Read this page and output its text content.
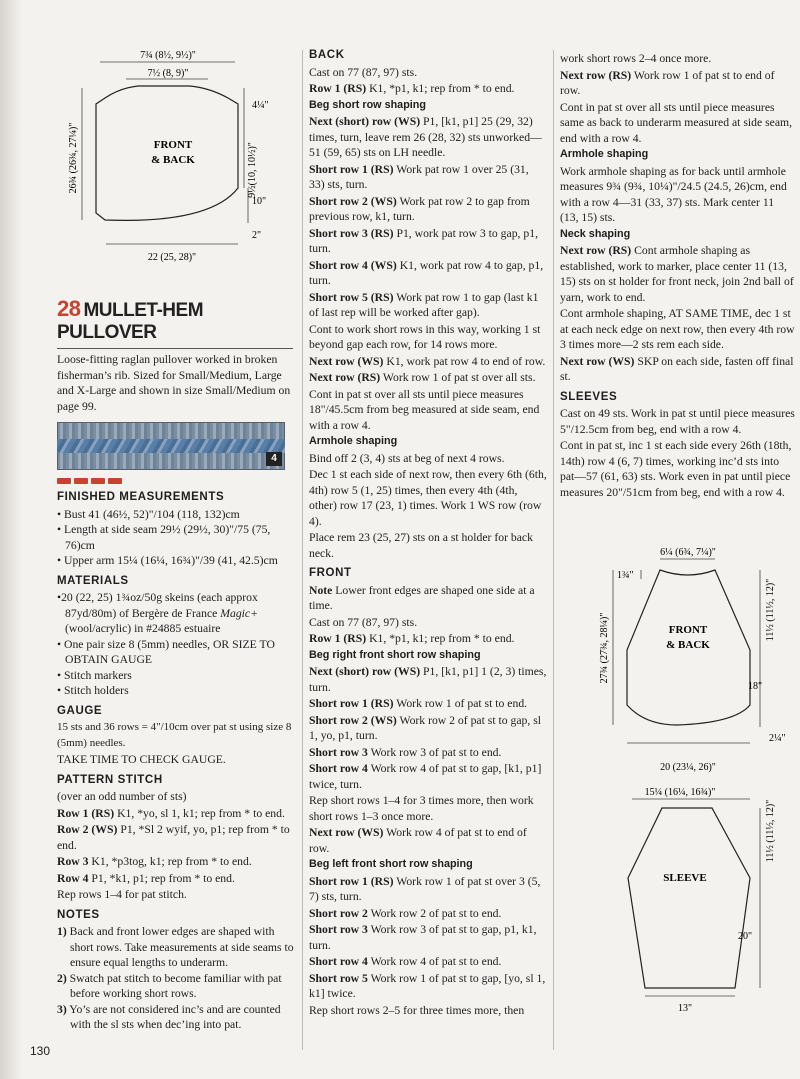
7¾ (8½, 9½)"
7½ (8, 9)"
4¼"
9½(10, 10½)"
10"
2"
26¾ (26¾, 27¼)"
22 (25, 28)"
FRONT
& BACK
28 MULLET-HEM PULLOVER

Loose-fitting raglan pullover worked in broken fisherman’s rib. Sized for Small/Medium, Large and X-Large and shown in size Small/Medium on page 99.

4
FINISHED MEASUREMENTS
• Bust 41 (46½, 52)"/104 (118, 132)cm
• Length at side seam 29½ (29½, 30)"/75 (75, 76)cm
• Upper arm 15¼ (16¼, 16¾)"/39 (41, 42.5)cm
MATERIALS
•20 (22, 25) 1¾oz/50g skeins (each approx 87yd/80m) of Bergère de France Magic+ (wool/acrylic) in #24885 estuaire
• One pair size 8 (5mm) needles, OR SIZE TO OBTAIN GAUGE
• Stitch markers
• Stitch holders
GAUGE

15 sts and 36 rows = 4"/10cm over pat st using size 8 (5mm) needles.

TAKE TIME TO CHECK GAUGE.

PATTERN STITCH

(over an odd number of sts)

Row 1 (RS) K1, *yo, sl 1, k1; rep from * to end.

Row 2 (WS) P1, *Sl 2 wyif, yo, p1; rep from * to end.

Row 3 K1, *p3tog, k1; rep from * to end.

Row 4 P1, *k1, p1; rep from * to end.

Rep rows 1–4 for pat stitch.

NOTES
1) Back and front lower edges are shaped with short rows. Take measurements at side seams to ensure equal lengths to underarm.
2) Swatch pat stitch to become familiar with pat before working short rows.
3) Yo’s are not considered inc’s and are counted with the sl sts when dec’ing into pat.
BACK

Cast on 77 (87, 97) sts.

Row 1 (RS) K1, *p1, k1; rep from * to end.

Beg short row shaping

Next (short) row (WS) P1, [k1, p1] 25 (29, 32) times, turn, leave rem 26 (28, 32) sts unworked—51 (59, 65) sts on LH needle.

Short row 1 (RS) Work pat row 1 over 25 (31, 33) sts, turn.

Short row 2 (WS) Work pat row 2 to gap from previous row, k1, turn.

Short row 3 (RS) P1, work pat row 3 to gap, p1, turn.

Short row 4 (WS) K1, work pat row 4 to gap, p1, turn.

Short row 5 (RS) Work pat row 1 to gap (last k1 of last rep will be worked after gap).

Cont to work short rows in this way, working 1 st beyond gap each row, for 14 rows more.

Next row (WS) K1, work pat row 4 to end of row.

Next row (RS) Work row 1 of pat st over all sts.

Cont in pat st over all sts until piece measures 18"/45.5cm from beg measured at side seam, end with a row 4.

Armhole shaping

Bind off 2 (3, 4) sts at beg of next 4 rows.

Dec 1 st each side of next row, then every 6th (6th, 4th) row 5 (1, 25) times, then every 4th (4th, other) row 17 (23, 1) times. Work 1 WS row (row 4).

Place rem 23 (25, 27) sts on a st holder for back neck.

FRONT

Note Lower front edges are shaped one side at a time.

Cast on 77 (87, 97) sts.

Row 1 (RS) K1, *p1, k1; rep from * to end.

Beg right front short row shaping

Next (short) row (WS) P1, [k1, p1] 1 (2, 3) times, turn.

Short row 1 (RS) Work row 1 of pat st to end.

Short row 2 (WS) Work row 2 of pat st to gap, sl 1, yo, p1, turn.

Short row 3 Work row 3 of pat st to end.

Short row 4 Work row 4 of pat st to gap, [k1, p1] twice, turn.

Rep short rows 1–4 for 3 times more, then work short rows 1–3 once more.

Next row (WS) Work row 4 of pat st to end of row.

Beg left front short row shaping

Short row 1 (RS) Work row 1 of pat st over 3 (5, 7) sts, turn.

Short row 2 Work row 2 of pat st to end.

Short row 3 Work row 3 of pat st to gap, p1, k1, turn.

Short row 4 Work row 4 of pat st to end.

Short row 5 Work row 1 of pat st to gap, [yo, sl 1, k1] twice.

Rep short rows 2–5 for three times more, then

work short rows 2–4 once more.

Next row (RS) Work row 1 of pat st to end of row.

Cont in pat st over all sts until piece measures same as back to underarm measured at side seam, end with a row 4.

Armhole shaping

Work armhole shaping as for back until armhole measures 9¾ (9¾, 10¼)"/24.5 (24.5, 26)cm, end with a row 4—31 (33, 37) sts. Mark center 11 (13, 15) sts.

Neck shaping

Next row (RS) Cont armhole shaping as established, work to marker, place center 11 (13, 15) sts on st holder for front neck, join 2nd ball of yarn, work to end.

Cont armhole shaping, AT SAME TIME, dec 1 st at each neck edge on next row, then every 4th row 3 times more—2 sts rem each side.

Next row (WS) SKP on each side, fasten off final st.

SLEEVES

Cast on 49 sts. Work in pat st until piece measures 5"/12.5cm from beg, end with a row 4.

Cont in pat st, inc 1 st each side every 26th (18th, 14th) row 4 (6, 7) times, working inc’d sts into pat—57 (61, 63) sts. Work even in pat until piece measures 20"/51cm from beg, end with a row 4.

6¼ (6¾, 7¼)"
1¾"
11½ (11½, 12)"
27¾ (27¾, 28¼)"
18"
2¼"
20 (23¼, 26)"
FRONT
& BACK
15¼ (16¼, 16¾)"
11½ (11½, 12)"
20"
13"
SLEEVE
130
